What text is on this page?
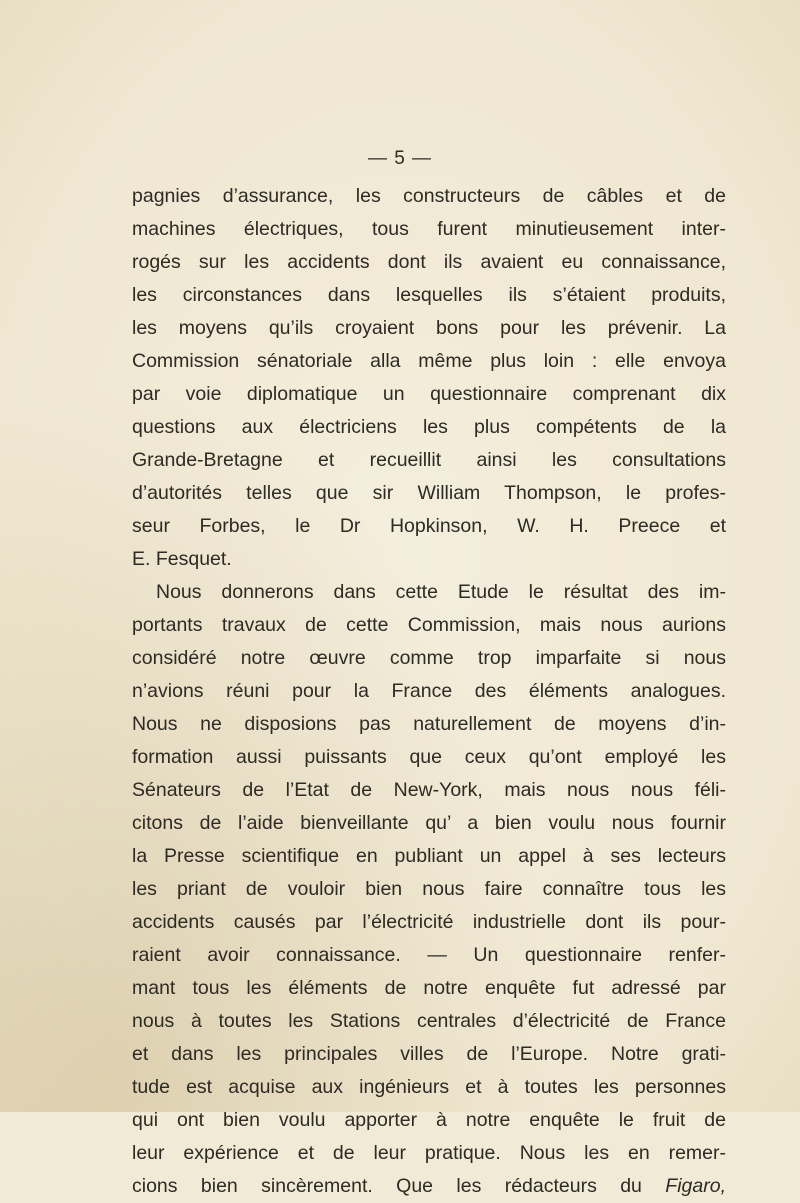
— 5 —
pagnies d’assurance, les constructeurs de câbles et de
machines électriques, tous furent minutieusement inter-
rogés sur les accidents dont ils avaient eu connaissance,
les circonstances dans lesquelles ils s’étaient produits,
les moyens qu’ils croyaient bons pour les prévenir. La
Commission sénatoriale alla même plus loin : elle envoya
par voie diplomatique un questionnaire comprenant dix
questions aux électriciens les plus compétents de la
Grande-Bretagne et recueillit ainsi les consultations
d’autorités telles que sir William Thompson, le profes-
seur Forbes, le Dr Hopkinson, W. H. Preece et
E. Fesquet.
Nous donnerons dans cette Etude le résultat des im-
portants travaux de cette Commission, mais nous aurions
considéré notre œuvre comme trop imparfaite si nous
n’avions réuni pour la France des éléments analogues.
Nous ne disposions pas naturellement de moyens d’in-
formation aussi puissants que ceux qu’ont employé les
Sénateurs de l’Etat de New-York, mais nous nous féli-
citons de l’aide bienveillante qu’ a bien voulu nous fournir
la Presse scientifique en publiant un appel à ses lecteurs
les priant de vouloir bien nous faire connaître tous les
accidents causés par l’électricité industrielle dont ils pour-
raient avoir connaissance. — Un questionnaire renfer-
mant tous les éléments de notre enquête fut adressé par
nous à toutes les Stations centrales d’électricité de France
et dans les principales villes de l’Europe. Notre grati-
tude est acquise aux ingénieurs et à toutes les personnes
qui ont bien voulu apporter à notre enquête le fruit de
leur expérience et de leur pratique. Nous les en remer-
cions bien sincèrement. Que les rédacteurs du Figaro,
